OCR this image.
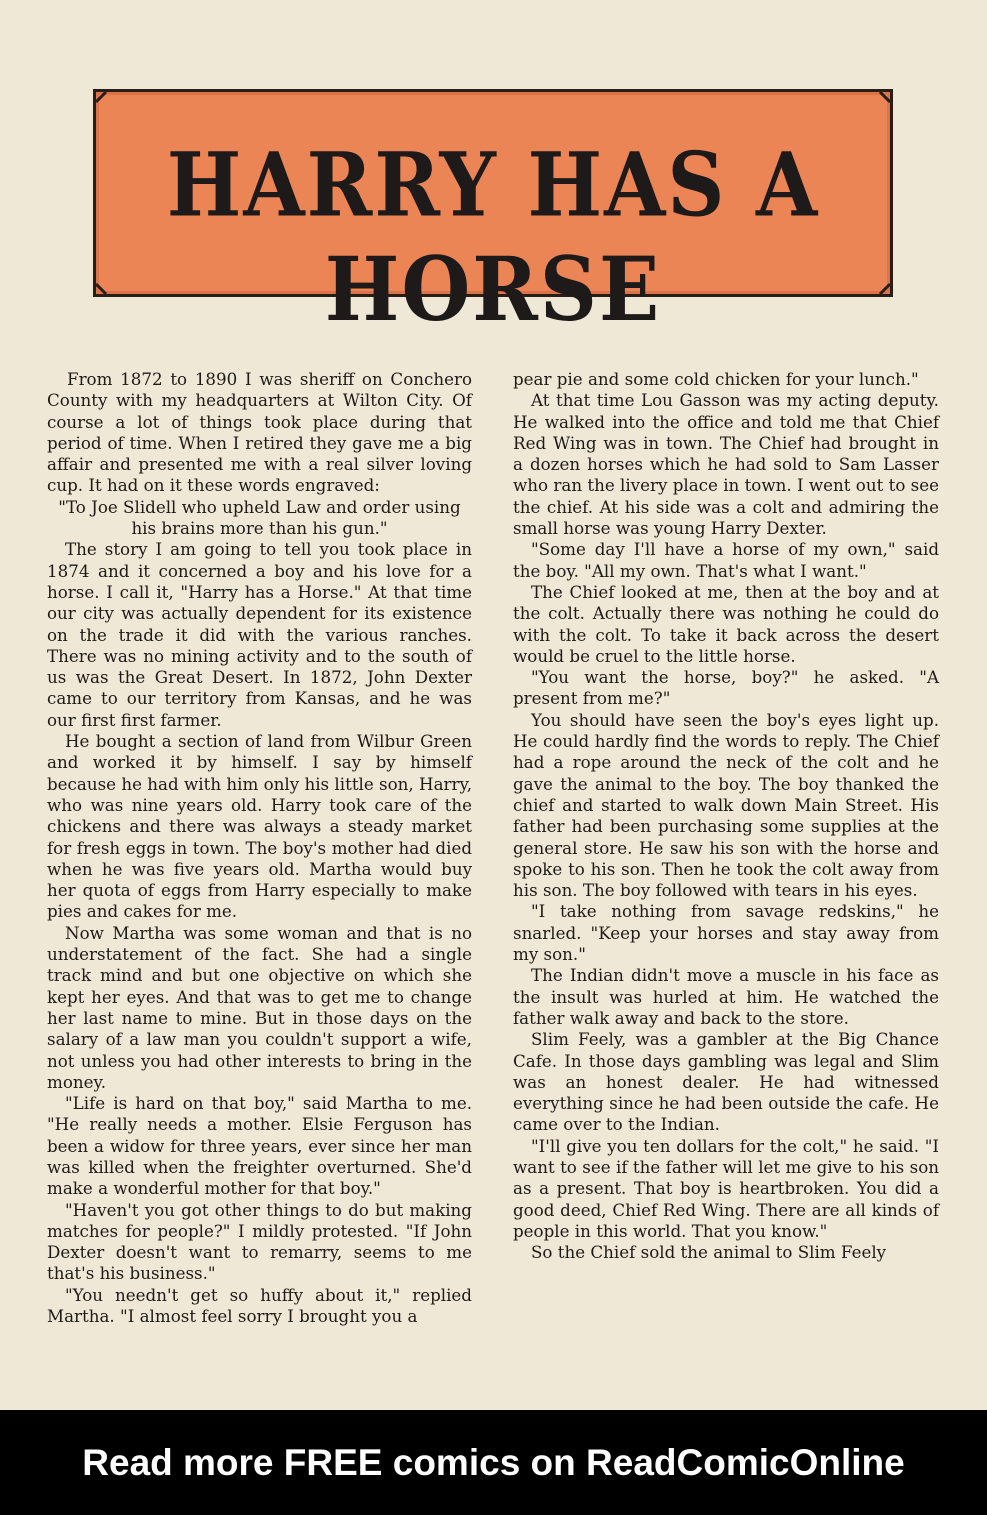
HARRY HAS A HORSE

From 1872 to 1890 I was sheriff on Conchero County with my headquarters at Wilton City. Of course a lot of things took place during that period of time. When I retired they gave me a big affair and presented me with a real silver loving cup. It had on it these words engraved:

"To Joe Slidell who upheld Law and order using his brains more than his gun."

The story I am going to tell you took place in 1874 and it concerned a boy and his love for a horse. I call it, "Harry has a Horse." At that time our city was actually dependent for its existence on the trade it did with the various ranches. There was no mining activity and to the south of us was the Great Desert. In 1872, John Dexter came to our territory from Kansas, and he was our first first farmer.

He bought a section of land from Wilbur Green and worked it by himself. I say by himself because he had with him only his little son, Harry, who was nine years old. Harry took care of the chickens and there was always a steady market for fresh eggs in town. The boy's mother had died when he was five years old. Martha would buy her quota of eggs from Harry especially to make pies and cakes for me.

Now Martha was some woman and that is no understatement of the fact. She had a single track mind and but one objective on which she kept her eyes. And that was to get me to change her last name to mine. But in those days on the salary of a law man you couldn't support a wife, not unless you had other interests to bring in the money.

"Life is hard on that boy," said Martha to me. "He really needs a mother. Elsie Ferguson has been a widow for three years, ever since her man was killed when the freighter overturned. She'd make a wonderful mother for that boy."

"Haven't you got other things to do but making matches for people?" I mildly protested. "If John Dexter doesn't want to remarry, seems to me that's his business."

"You needn't get so huffy about it," replied Martha. "I almost feel sorry I brought you a

pear pie and some cold chicken for your lunch."

At that time Lou Gasson was my acting deputy. He walked into the office and told me that Chief Red Wing was in town. The Chief had brought in a dozen horses which he had sold to Sam Lasser who ran the livery place in town. I went out to see the chief. At his side was a colt and admiring the small horse was young Harry Dexter.

"Some day I'll have a horse of my own," said the boy. "All my own. That's what I want."

The Chief looked at me, then at the boy and at the colt. Actually there was nothing he could do with the colt. To take it back across the desert would be cruel to the little horse.

"You want the horse, boy?" he asked. "A present from me?"

You should have seen the boy's eyes light up. He could hardly find the words to reply. The Chief had a rope around the neck of the colt and he gave the animal to the boy. The boy thanked the chief and started to walk down Main Street. His father had been purchasing some supplies at the general store. He saw his son with the horse and spoke to his son. Then he took the colt away from his son. The boy followed with tears in his eyes.

"I take nothing from savage redskins," he snarled. "Keep your horses and stay away from my son."

The Indian didn't move a muscle in his face as the insult was hurled at him. He watched the father walk away and back to the store.

Slim Feely, was a gambler at the Big Chance Cafe. In those days gambling was legal and Slim was an honest dealer. He had witnessed everything since he had been outside the cafe. He came over to the Indian.

"I'll give you ten dollars for the colt," he said. "I want to see if the father will let me give to his son as a present. That boy is heartbroken. You did a good deed, Chief Red Wing. There are all kinds of people in this world. That you know."

So the Chief sold the animal to Slim Feely

Read more FREE comics on ReadComicOnline
